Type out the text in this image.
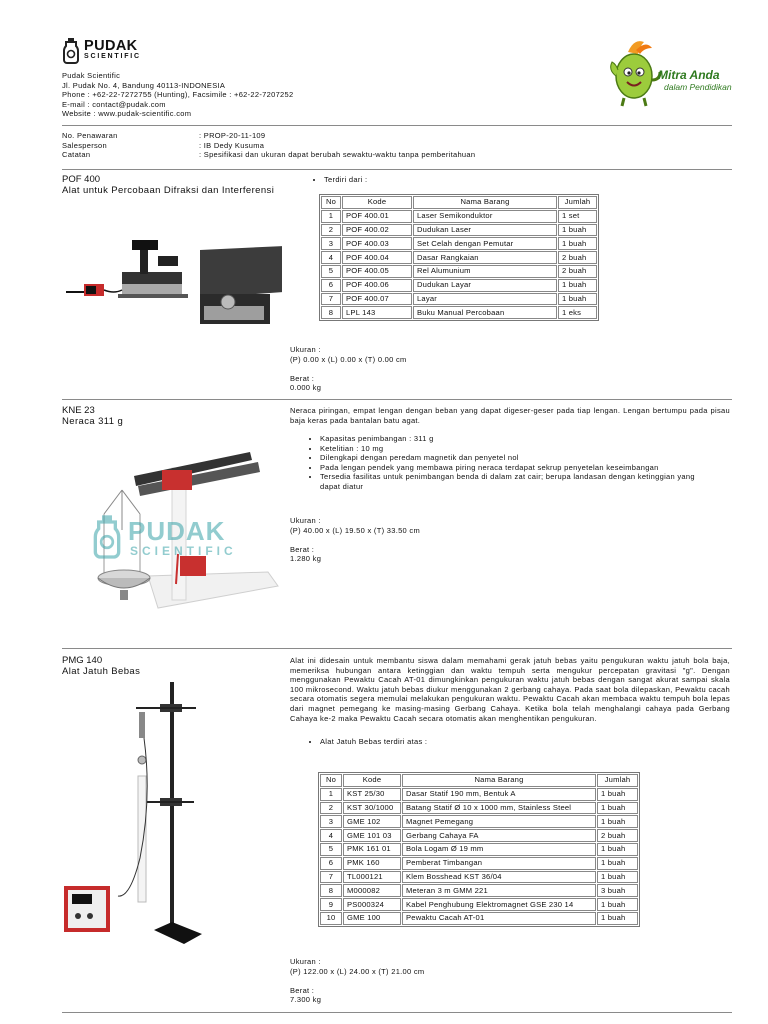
PUDAK
SCIENTIFIC
Pudak Scientific
Jl. Pudak No. 4, Bandung 40113-INDONESIA
Phone : +62-22-7272755 (Hunting), Facsimile : +62-22-7207252
E-mail : contact@pudak.com
Website : www.pudak-scientific.com
Mitra Anda
dalam Pendidikan
No. Penawaran	: PROP-20-11-109
Salesperson	: IB Dedy Kusuma
Catatan	: Spesifikasi dan ukuran dapat berubah sewaktu-waktu tanpa pemberitahuan
POF 400
Alat untuk Percobaan Difraksi dan Interferensi
• Terdiri dari :
No	Kode	Nama Barang	Jumlah
1	POF 400.01	Laser Semikonduktor	1 set
2	POF 400.02	Dudukan Laser	1 buah
3	POF 400.03	Set Celah dengan Pemutar	1 buah
4	POF 400.04	Dasar Rangkaian	2 buah
5	POF 400.05	Rel Alumunium	2 buah
6	POF 400.06	Dudukan Layar	1 buah
7	POF 400.07	Layar	1 buah
8	LPL 143	Buku Manual Percobaan	1 eks
Ukuran :
(P) 0.00 x (L) 0.00 x (T) 0.00 cm
Berat :
0.000 kg
KNE 23
Neraca 311 g
PUDAK
SCIENTIFIC
Neraca piringan, empat lengan dengan beban yang dapat digeser-geser pada tiap lengan. Lengan bertumpu pada pisau baja keras pada bantalan batu agat.
• Kapasitas penimbangan : 311 g
• Ketelitian : 10 mg
• Dilengkapi dengan peredam magnetik dan penyetel nol
• Pada lengan pendek yang membawa piring neraca terdapat sekrup penyetelan keseimbangan
• Tersedia fasilitas untuk penimbangan benda di dalam zat cair; berupa landasan dengan ketinggian yang dapat diatur
Ukuran :
(P) 40.00 x (L) 19.50 x (T) 33.50 cm
Berat :
1.280 kg
PMG 140
Alat Jatuh Bebas
Alat ini didesain untuk membantu siswa dalam memahami gerak jatuh bebas yaitu pengukuran waktu jatuh bola baja, memeriksa hubungan antara ketinggian dan waktu tempuh serta mengukur percepatan gravitasi "g". Dengan menggunakan Pewaktu Cacah AT-01 dimungkinkan pengukuran waktu jatuh bebas dengan sangat akurat sampai skala 100 mikrosecond. Waktu jatuh bebas diukur menggunakan 2 gerbang cahaya. Pada saat bola dilepaskan, Pewaktu cacah secara otomatis segera memulai melakukan pengukuran waktu. Pewaktu Cacah akan membaca waktu tempuh bola lepas dari magnet pemegang ke masing-masing Gerbang Cahaya. Ketika bola telah menghalangi cahaya pada Gerbang Cahaya ke-2 maka Pewaktu Cacah secara otomatis akan menghentikan pengukuran.
• Alat Jatuh Bebas terdiri atas :
No	Kode	Nama Barang	Jumlah
1	KST 25/30	Dasar Statif 190 mm, Bentuk A	1 buah
2	KST 30/1000	Batang Statif Ø 10 x 1000 mm, Stainless Steel	1 buah
3	GME 102	Magnet Pemegang	1 buah
4	GME 101 03	Gerbang Cahaya FA	2 buah
5	PMK 161 01	Bola Logam Ø 19 mm	1 buah
6	PMK 160	Pemberat Timbangan	1 buah
7	TL000121	Klem Bosshead KST 36/04	1 buah
8	M000082	Meteran 3 m GMM 221	3 buah
9	PS000324	Kabel Penghubung Elektromagnet GSE 230 14	1 buah
10	GME 100	Pewaktu Cacah AT-01	1 buah
Ukuran :
(P) 122.00 x (L) 24.00 x (T) 21.00 cm
Berat :
7.300 kg
